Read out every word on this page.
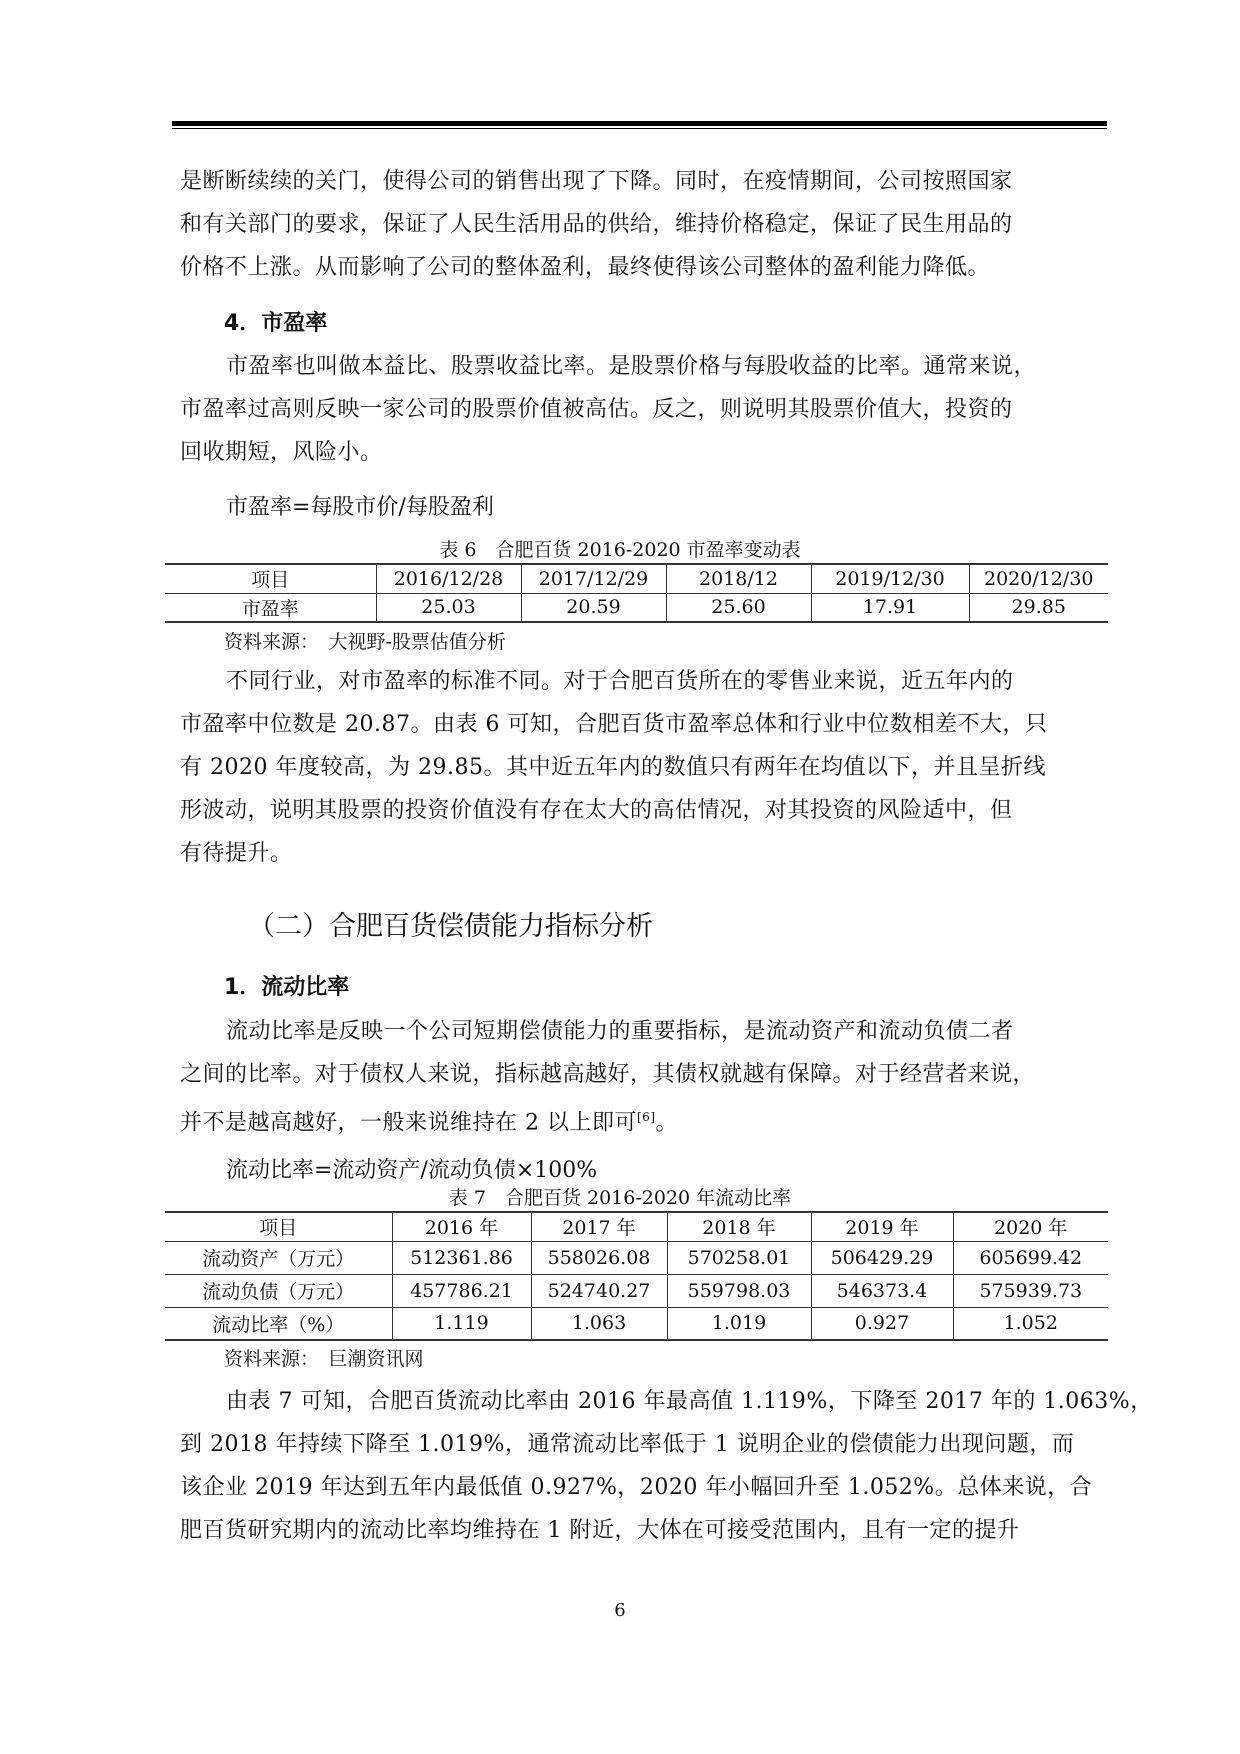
是断断续续的关门，使得公司的销售出现了下降。同时，在疫情期间，公司按照国家
和有关部门的要求，保证了人民生活用品的供给，维持价格稳定，保证了民生用品的
价格不上涨。从而影响了公司的整体盈利，最终使得该公司整体的盈利能力降低。
4．市盈率
市盈率也叫做本益比、股票收益比率。是股票价格与每股收益的比率。通常来说，
市盈率过高则反映一家公司的股票价值被高估。反之，则说明其股票价值大，投资的
回收期短，风险小。
市盈率=每股市价/每股盈利
表 6　合肥百货 2016-2020 市盈率变动表
项目	2016/12/28	2017/12/29	2018/12	2019/12/30	2020/12/30
市盈率	25.03	20.59	25.60	17.91	29.85
资料来源：　大视野-股票估值分析
不同行业，对市盈率的标准不同。对于合肥百货所在的零售业来说，近五年内的
市盈率中位数是 20.87。由表 6 可知，合肥百货市盈率总体和行业中位数相差不大，只
有 2020 年度较高，为 29.85。其中近五年内的数值只有两年在均值以下，并且呈折线
形波动，说明其股票的投资价值没有存在太大的高估情况，对其投资的风险适中，但
有待提升。
（二）合肥百货偿债能力指标分析
1．流动比率
流动比率是反映一个公司短期偿债能力的重要指标，是流动资产和流动负债二者
之间的比率。对于债权人来说，指标越高越好，其债权就越有保障。对于经营者来说，
并不是越高越好，一般来说维持在 2 以上即可[6]。
流动比率=流动资产/流动负债×100%
表 7　合肥百货 2016-2020 年流动比率
项目	2016 年	2017 年	2018 年	2019 年	2020 年
流动资产（万元）	512361.86	558026.08	570258.01	506429.29	605699.42
流动负债（万元）	457786.21	524740.27	559798.03	546373.4	575939.73
流动比率（%）	1.119	1.063	1.019	0.927	1.052
资料来源：　巨潮资讯网
由表 7 可知，合肥百货流动比率由 2016 年最高值 1.119%，下降至 2017 年的 1.063%，
到 2018 年持续下降至 1.019%，通常流动比率低于 1 说明企业的偿债能力出现问题，而
该企业 2019 年达到五年内最低值 0.927%，2020 年小幅回升至 1.052%。总体来说，合
肥百货研究期内的流动比率均维持在 1 附近，大体在可接受范围内，且有一定的提升
6
